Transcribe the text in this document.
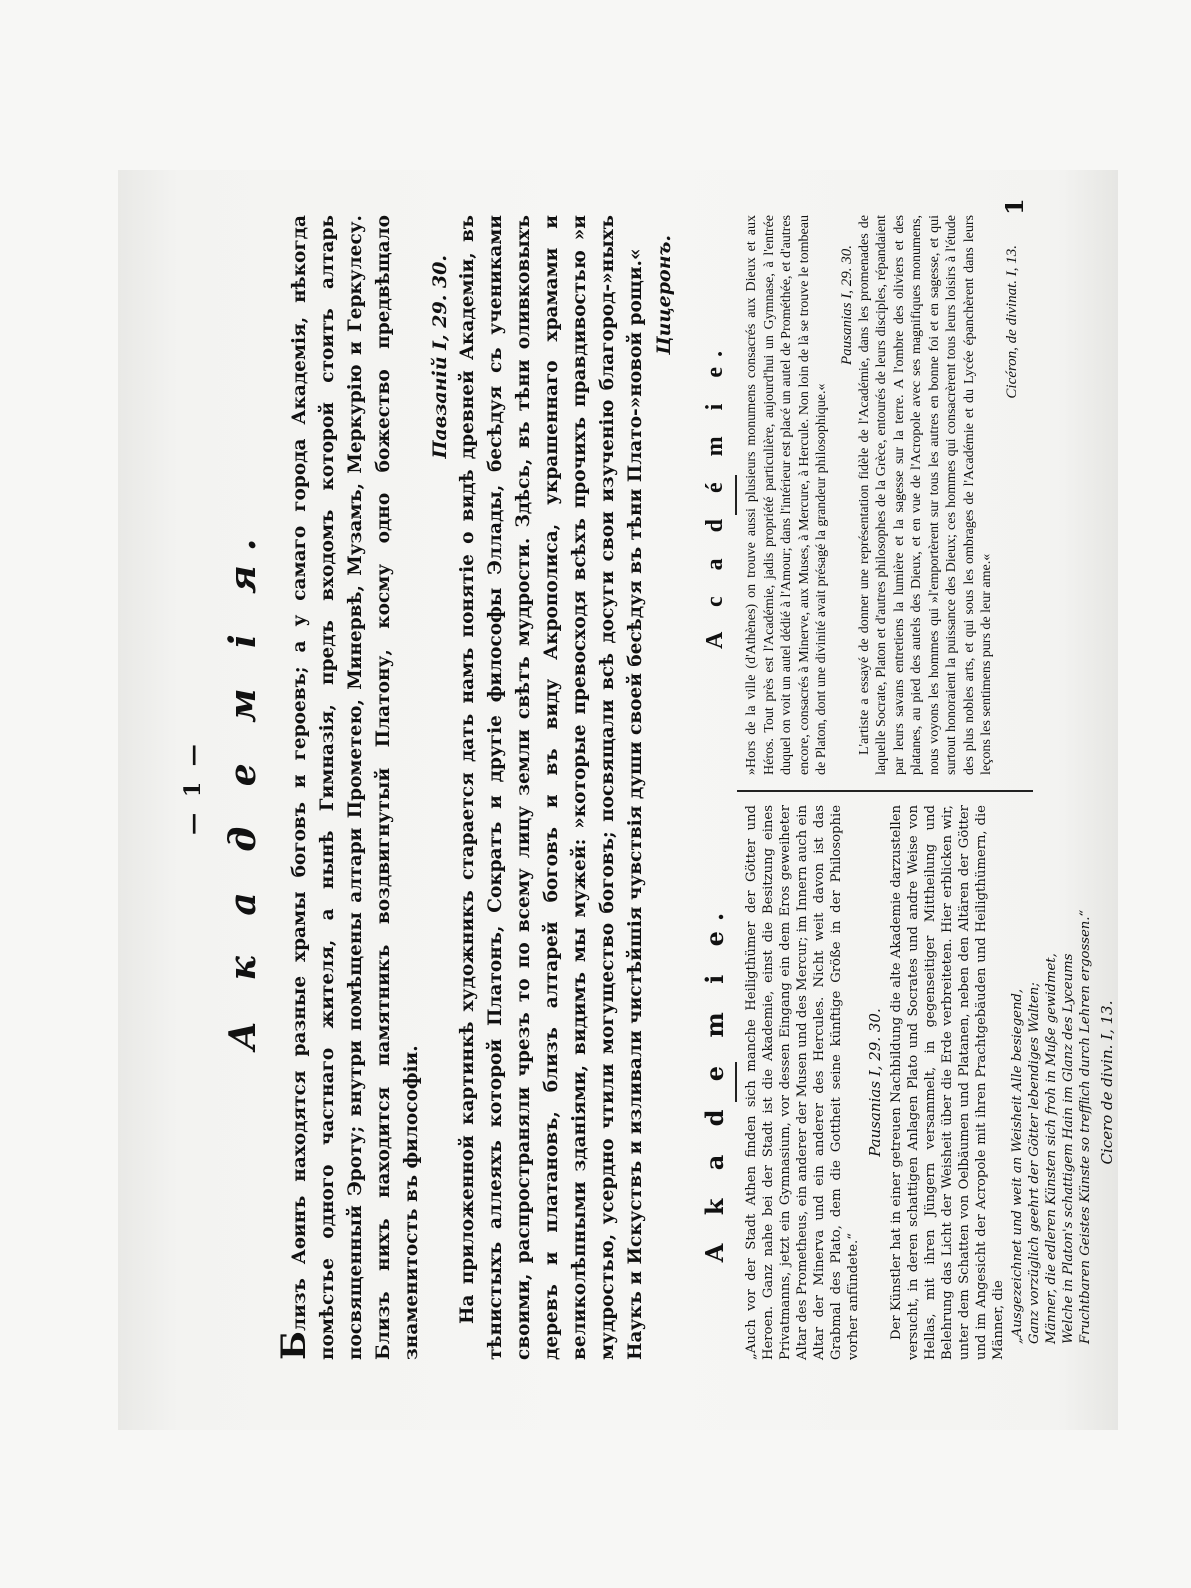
— 1 — А к а д е м і я.

Близъ Аѳинъ находятся разные храмы боговъ и героевъ; а у самаго города Академія, нѣкогда помѣстье одного частнаго жителя, а нынѣ Гимназія, предъ входомъ которой стоитъ алтарь посвященный Эроту; внутри помѣщены алтари Прометею, Минервѣ, Музамъ, Меркурію и Геркулесу. Близъ нихъ находится памятникъ воздвигнутый Платону, косму одно божество предвѣщало знаменитость въ философіи.

Павзаній I, 29. 30. На приложенной картинкѣ художникъ старается дать намъ понятіе о видѣ древней Академіи, въ тѣнистыхъ аллеяхъ которой Платонъ, Сократъ и другіе философы Эллады, бесѣдуя съ учениками своими, распространяли чрезъ то по всему лицу земли свѣтъ мудрости. Здѣсь, въ тѣни оливковыхъ деревъ и платановъ, близъ алтарей боговъ и въ виду Акрополиса, украшеннаго храмами и великолѣпными зданіями, видимъ мы мужей: »которые превосходя всѣхъ прочихъ правдивостью »и мудростью, усердно чтили могущество боговъ; посвящали всѣ досуги свои изученію благород-»ныхъ Наукъ и Искуствъ и изливали чистѣйшія чувствія души своей бесѣдуя въ тѣни Плато-»новой рощи.« Цицеронъ.
A k a d e m i e.	„Auch vor der Stadt Athen finden sich manche Heiligthümer der Götter und Heroen. Ganz nahe bei der Stadt ist die Akademie, einst die Besitzung eines Privatmanns, jetzt ein Gymnasium, vor dessen Eingang ein dem Eros geweiheter Altar des Prometheus, ein anderer der Musen und des Mercur; im Innern auch ein Altar der Minerva und ein anderer des Hercules. Nicht weit davon ist das Grabmal des Plato, dem die Gottheit seine künftige Größe in der Philosophie vorher anfündete.“

Pausanias I, 29. 30. Der Künstler hat in einer getreuen Nachbildung die alte Akademie darzustellen versucht, in deren schattigen Anlagen Plato und Socrates und andre Weise von Hellas, mit ihren Jüngern versammelt, in gegenseitiger Mittheilung und Belehrung das Licht der Weisheit über die Erde verbreiteten. Hier erblicken wir, unter dem Schatten von Oelbäumen und Platanen, neben den Altären der Götter und im Angesicht der Acropole mit ihren Prachtgebäuden und Heiligthümern, die Männer, die „Ausgezeichnet und weit an Weisheit Alle besiegend, Ganz vorzüglich geehrt der Götter lebendiges Walten; Männer, die edleren Künsten sich froh in Muße gewidmet, Welche in Platon's schattigem Hain im Glanz des Lyceums Fruchtbaren Geistes Künste so trefflich durch Lehren ergossen.“ Cicero de divin. I, 13.
A c a d é m i e.	»Hors de la ville (d'Athènes) on trouve aussi plusieurs monumens consacrés aux Dieux et aux Héros. Tout près est l'Académie, jadis propriété particulière, aujourd'hui un Gymnase, à l'entrée duquel on voit un autel dédié à l'Amour; dans l'intérieur est placé un autel de Prométhée, et d'autres encore, consacrés à Minerve, aux Muses, à Mercure, à Hercule. Non loin de là se trouve le tombeau de Platon, dont une divinité avait présagé la grandeur philosophique.«

Pausanias I, 29. 30. L'artiste a essayé de donner une représentation fidèle de l'Académie, dans les promenades de laquelle Socrate, Platon et d'autres philosophes de la Grèce, entourés de leurs disciples, répandaient par leurs savans entretiens la lumière et la sagesse sur la terre. A l'ombre des oliviers et des platanes, au pied des autels des Dieux, et en vue de l'Acropole avec ses magnifiques monumens, nous voyons les hommes qui »l'emportèrent sur tous les autres en bonne foi et en sagesse, et qui surtout honoraient la puissance des Dieux; ces hommes qui consacrèrent tous leurs loisirs à l'étude des plus nobles arts, et qui sous les ombrages de l'Académie et du Lycée épanchèrent dans leurs leçons les sentimens purs de leur ame.«

Cicéron, de divinat. I, 13.
1
